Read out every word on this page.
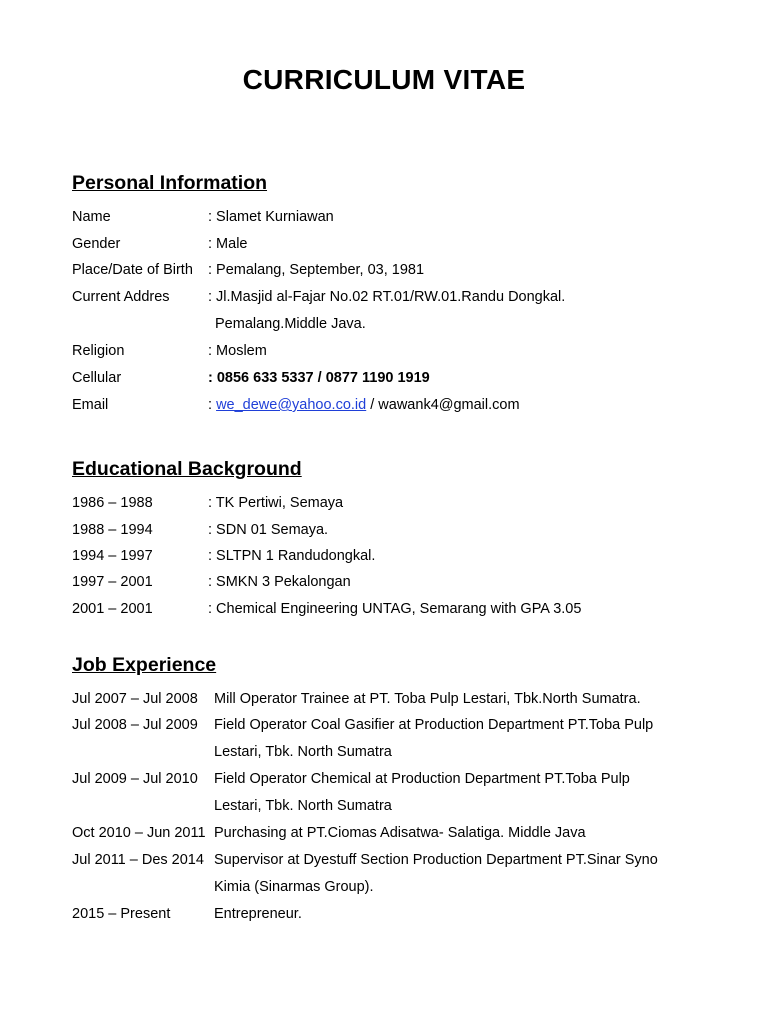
CURRICULUM VITAE
Personal Information
Name	: Slamet Kurniawan
Gender	: Male
Place/Date of Birth : Pemalang, September, 03, 1981
Current Addres	: Jl.Masjid al-Fajar No.02 RT.01/RW.01.Randu Dongkal.
Pemalang.Middle Java.
Religion	: Moslem
Cellular	: 0856 633 5337 / 0877 1190 1919
Email	: we_dewe@yahoo.co.id / wawank4@gmail.com
Educational Background
1986 – 1988	: TK Pertiwi, Semaya
1988 – 1994	: SDN 01 Semaya.
1994 – 1997	: SLTPN 1 Randudongkal.
1997 – 2001	: SMKN 3 Pekalongan
2001 – 2001	: Chemical Engineering UNTAG, Semarang with GPA 3.05
Job Experience
Jul 2007 – Jul 2008 Mill Operator Trainee at PT. Toba Pulp Lestari, Tbk.North Sumatra.
Jul 2008 – Jul 2009 Field Operator Coal Gasifier at Production Department PT.Toba Pulp
Lestari, Tbk. North Sumatra
Jul 2009 – Jul 2010 Field Operator Chemical at Production Department PT.Toba Pulp
Lestari, Tbk. North Sumatra
Oct 2010 – Jun 2011 Purchasing at PT.Ciomas Adisatwa- Salatiga. Middle Java
Jul 2011 – Des 2014 Supervisor at Dyestuff Section Production Department PT.Sinar Syno
Kimia (Sinarmas Group).
2015 – Present	Entrepreneur.
